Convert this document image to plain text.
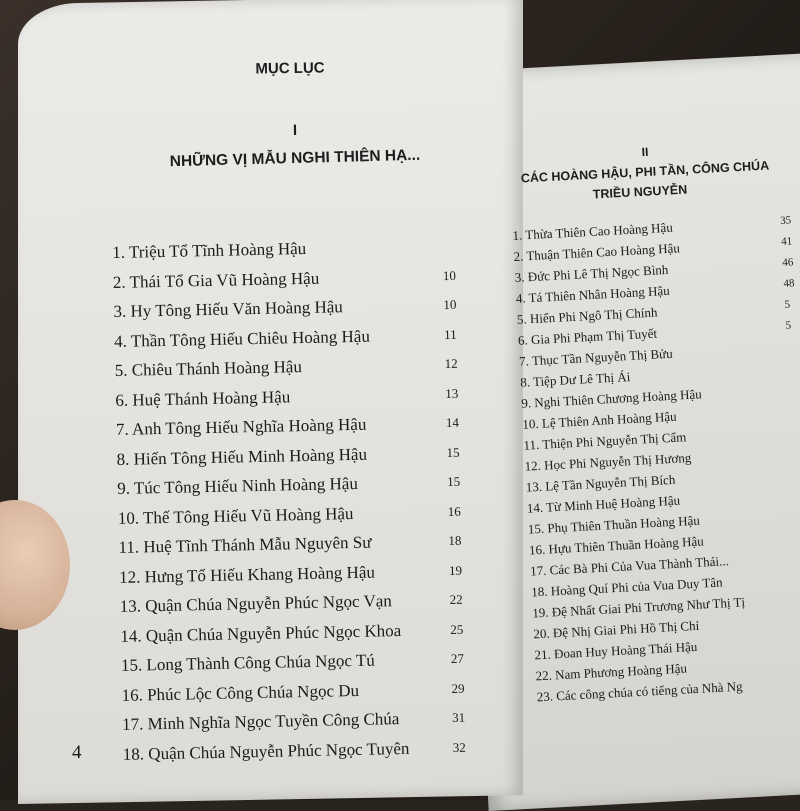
MỤC LỤC
I
NHỮNG VỊ MẪU NGHI THIÊN HẠ...	II
CÁC HOÀNG HẬU, PHI TẦN, CÔNG CHÚA
TRIỀU NGUYỄN
1. Triệu Tổ Tĩnh Hoàng Hậu
2. Thái Tổ Gia Vũ Hoàng Hậu	10
3. Hy Tông Hiếu Văn Hoàng Hậu	10
4. Thần Tông Hiếu Chiêu Hoàng Hậu	11
5. Chiêu Thánh Hoàng Hậu	12
6. Huệ Thánh Hoàng Hậu	13
7. Anh Tông Hiếu Nghĩa Hoàng Hậu	14
8. Hiến Tông Hiếu Minh Hoàng Hậu	15
9. Túc Tông Hiếu Ninh Hoàng Hậu	15
10. Thế Tông Hiếu Vũ Hoàng Hậu	16
11. Huệ Tĩnh Thánh Mẫu Nguyên Sư	18
12. Hưng Tổ Hiếu Khang Hoàng Hậu	19
13. Quận Chúa Nguyễn Phúc Ngọc Vạn	22
14. Quận Chúa Nguyễn Phúc Ngọc Khoa	25
15. Long Thành Công Chúa Ngọc Tú	27
16. Phúc Lộc Công Chúa Ngọc Du	29
17. Minh Nghĩa Ngọc Tuyền Công Chúa	31
18. Quận Chúa Nguyễn Phúc Ngọc Tuyên	32
1. Thừa Thiên Cao Hoàng Hậu	35
2. Thuận Thiên Cao Hoàng Hậu	41
3. Đức Phi Lê Thị Ngọc Bình	46
4. Tá Thiên Nhân Hoàng Hậu	48
5. Hiển Phi Ngô Thị Chính	5
6. Gia Phi Phạm Thị Tuyết	5
7. Thục Tần Nguyễn Thị Bửu
8. Tiệp Dư Lê Thị Ái
9. Nghi Thiên Chương Hoàng Hậu
10. Lệ Thiên Anh Hoàng Hậu
11. Thiện Phi Nguyễn Thị Cẩm
12. Học Phi Nguyễn Thị Hương
13. Lệ Tần Nguyễn Thị Bích
14. Từ Minh Huệ Hoàng Hậu
15. Phụ Thiên Thuần Hoàng Hậu
16. Hựu Thiên Thuần Hoàng Hậu
17. Các Bà Phi Của Vua Thành Thái...
18. Hoàng Quí Phi của Vua Duy Tân
19. Đệ Nhất Giai Phi Trương Như Thị Tị
20. Đệ Nhị Giai Phi Hồ Thị Chỉ
21. Đoan Huy Hoàng Thái Hậu
22. Nam Phương Hoàng Hậu
23. Các công chúa có tiếng của Nhà Ng
4
